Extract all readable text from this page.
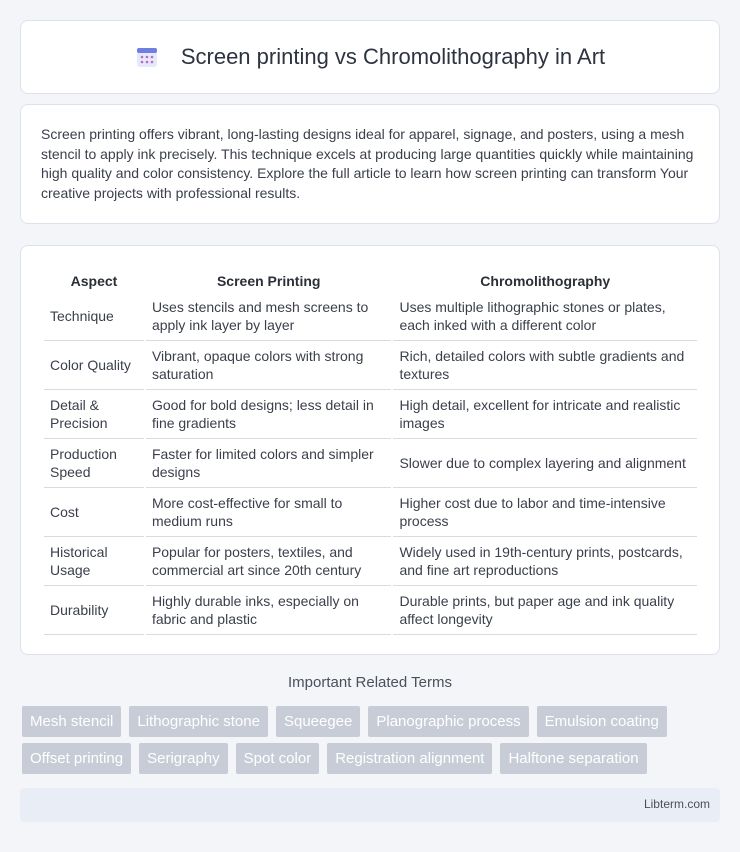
Screen printing vs Chromolithography in Art

Screen printing offers vibrant, long-lasting designs ideal for apparel, signage, and posters, using a mesh stencil to apply ink precisely. This technique excels at producing large quantities quickly while maintaining high quality and color consistency. Explore the full article to learn how screen printing can transform Your creative projects with professional results.

Aspect	Screen Printing	Chromolithography
Technique	Uses stencils and mesh screens to apply ink layer by layer	Uses multiple lithographic stones or plates, each inked with a different color
Color Quality	Vibrant, opaque colors with strong saturation	Rich, detailed colors with subtle gradients and textures
Detail & Precision	Good for bold designs; less detail in fine gradients	High detail, excellent for intricate and realistic images
Production Speed	Faster for limited colors and simpler designs	Slower due to complex layering and alignment
Cost	More cost-effective for small to medium runs	Higher cost due to labor and time-intensive process
Historical Usage	Popular for posters, textiles, and commercial art since 20th century	Widely used in 19th-century prints, postcards, and fine art reproductions
Durability	Highly durable inks, especially on fabric and plastic	Durable prints, but paper age and ink quality affect longevity
Important Related Terms
Mesh stencil	Lithographic stone	Squeegee	Planographic process	Emulsion coating
Offset printing	Serigraphy	Spot color	Registration alignment	Halftone separation
Libterm.com
